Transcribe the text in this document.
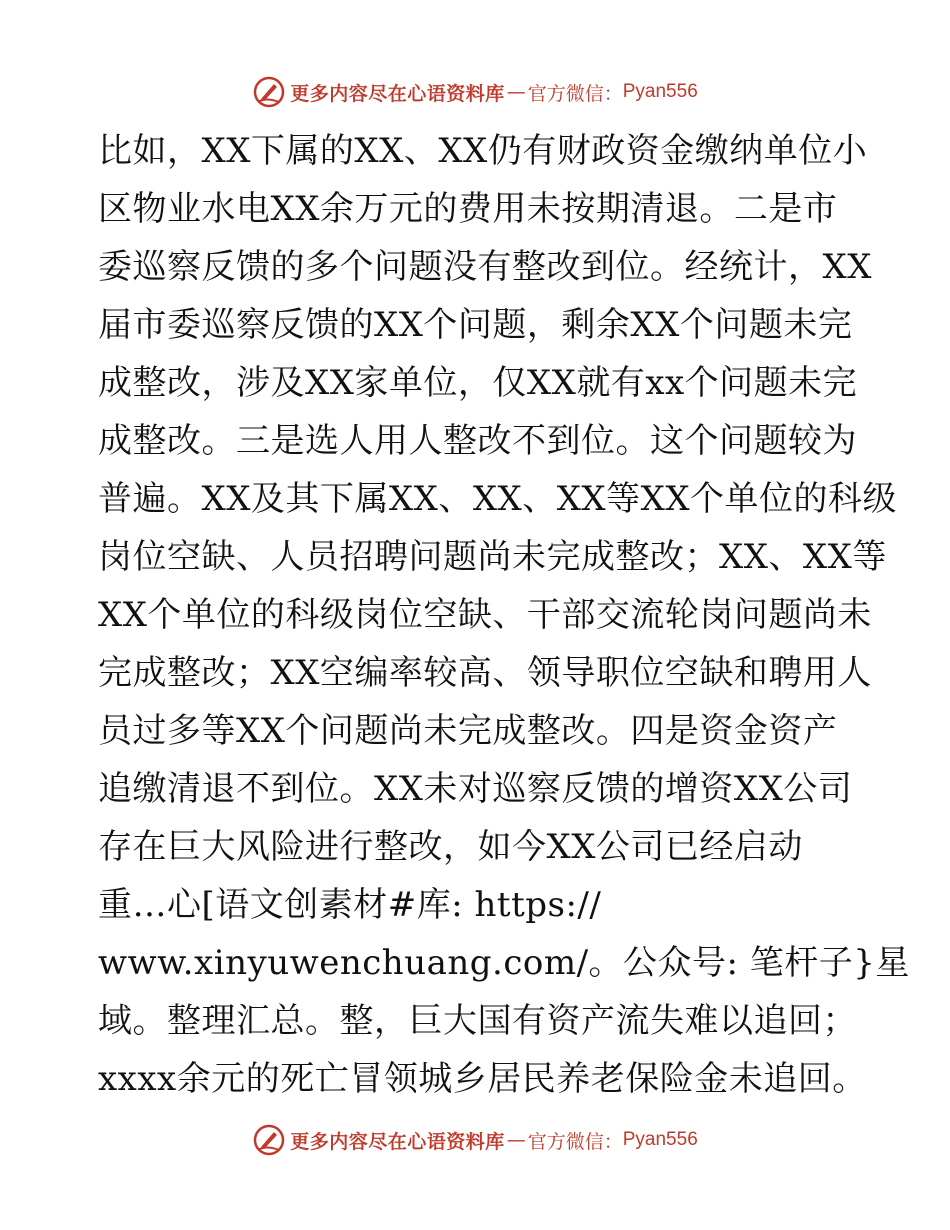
更多内容尽在心语资料库 — 官方微信： Pyan556
比如，XX下属的XX、XX仍有财政资金缴纳单位小
区物业水电XX余万元的费用未按期清退。二是市
委巡察反馈的多个问题没有整改到位。经统计，XX
届市委巡察反馈的XX个问题，剩余XX个问题未完
成整改，涉及XX家单位，仅XX就有xx个问题未完
成整改。三是选人用人整改不到位。这个问题较为
普遍。XX及其下属XX、XX、XX等XX个单位的科级
岗位空缺、人员招聘问题尚未完成整改；XX、XX等
XX个单位的科级岗位空缺、干部交流轮岗问题尚未
完成整改；XX空编率较高、领导职位空缺和聘用人
员过多等XX个问题尚未完成整改。四是资金资产
追缴清退不到位。XX未对巡察反馈的增资XX公司
存在巨大风险进行整改，如今XX公司已经启动
重…心[语文创素材#库: https://
www.xinyuwenchuang.com/。公众号: 笔杆子}星
域。整理汇总。整，巨大国有资产流失难以追回；
xxxx余元的死亡冒领城乡居民养老保险金未追回。
更多内容尽在心语资料库 — 官方微信： Pyan556
